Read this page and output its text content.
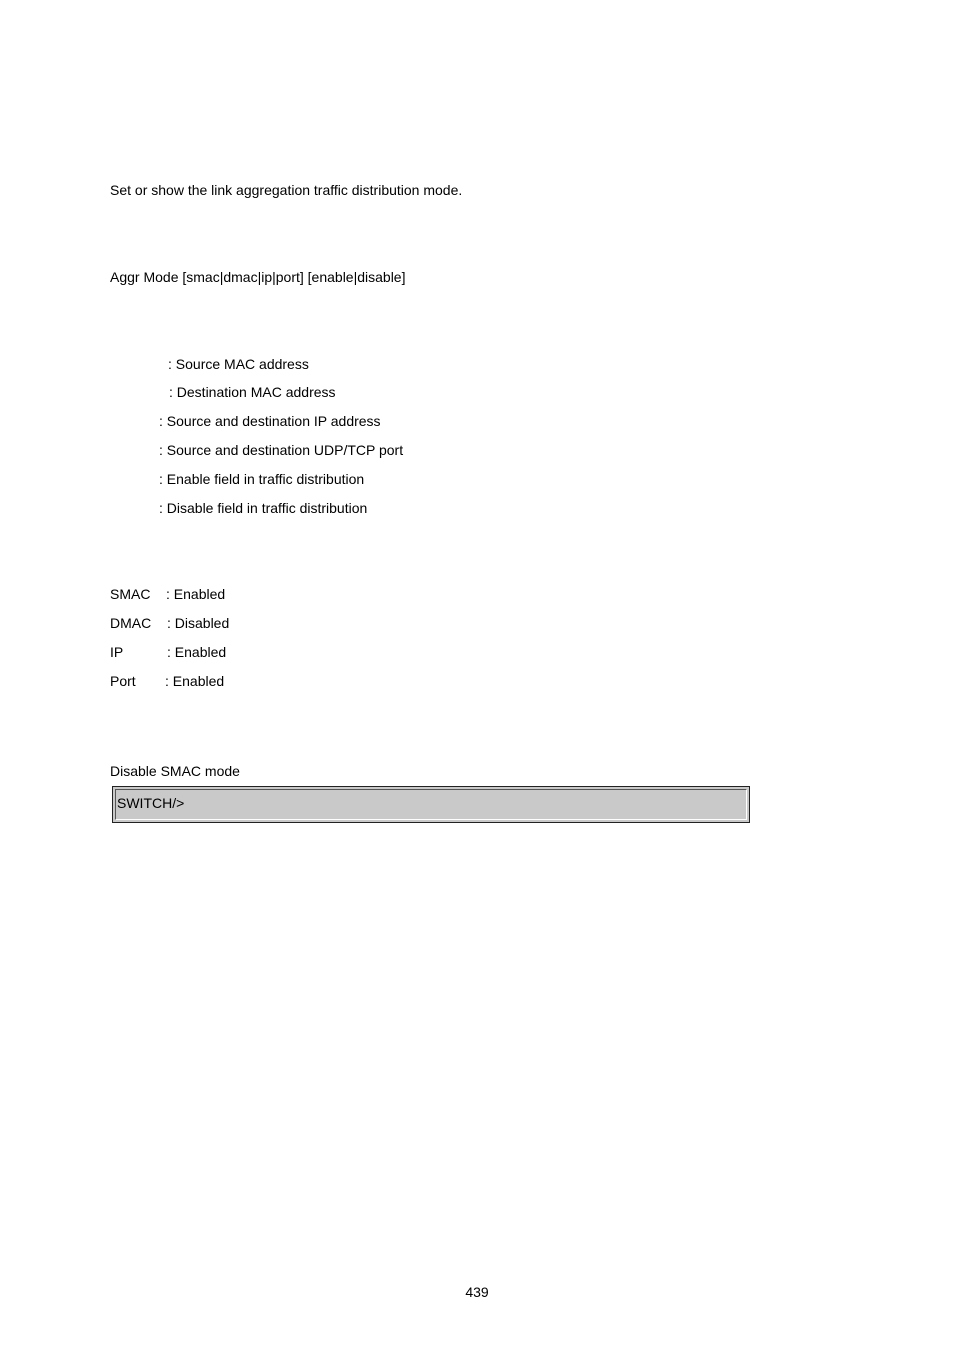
Set or show the link aggregation traffic distribution mode.
Aggr Mode [smac|dmac|ip|port] [enable|disable]
: Source MAC address
: Destination MAC address
: Source and destination IP address
: Source and destination UDP/TCP port
: Enable field in traffic distribution
: Disable field in traffic distribution
SMAC : Enabled
DMAC : Disabled
IP	: Enabled
Port : Enabled
Disable SMAC mode
SWITCH/>
439
